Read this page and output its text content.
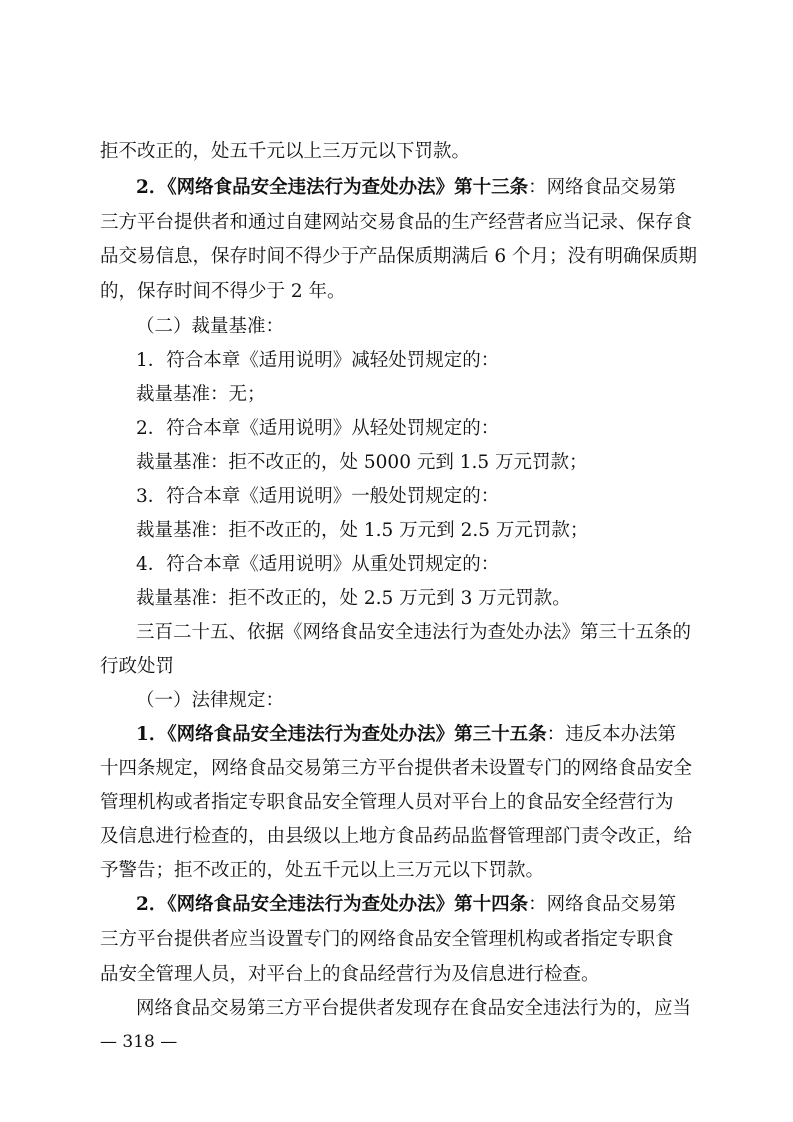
拒不改正的，处五千元以上三万元以下罚款。
2．《网络食品安全违法行为查处办法》第十三条：网络食品交易第
三方平台提供者和通过自建网站交易食品的生产经营者应当记录、保存食
品交易信息，保存时间不得少于产品保质期满后 6 个月；没有明确保质期
的，保存时间不得少于 2 年。
（二）裁量基准：
1．符合本章《适用说明》减轻处罚规定的：
裁量基准：无；
2．符合本章《适用说明》从轻处罚规定的：
裁量基准：拒不改正的，处 5000 元到 1.5 万元罚款；
3．符合本章《适用说明》一般处罚规定的：
裁量基准：拒不改正的，处 1.5 万元到 2.5 万元罚款；
4．符合本章《适用说明》从重处罚规定的：
裁量基准：拒不改正的，处 2.5 万元到 3 万元罚款。
三百二十五、依据《网络食品安全违法行为查处办法》第三十五条的
行政处罚
（一）法律规定：
1．《网络食品安全违法行为查处办法》第三十五条：违反本办法第
十四条规定，网络食品交易第三方平台提供者未设置专门的网络食品安全
管理机构或者指定专职食品安全管理人员对平台上的食品安全经营行为
及信息进行检查的，由县级以上地方食品药品监督管理部门责令改正，给
予警告；拒不改正的，处五千元以上三万元以下罚款。
2．《网络食品安全违法行为查处办法》第十四条：网络食品交易第
三方平台提供者应当设置专门的网络食品安全管理机构或者指定专职食
品安全管理人员，对平台上的食品经营行为及信息进行检查。
网络食品交易第三方平台提供者发现存在食品安全违法行为的，应当
— 318 —
